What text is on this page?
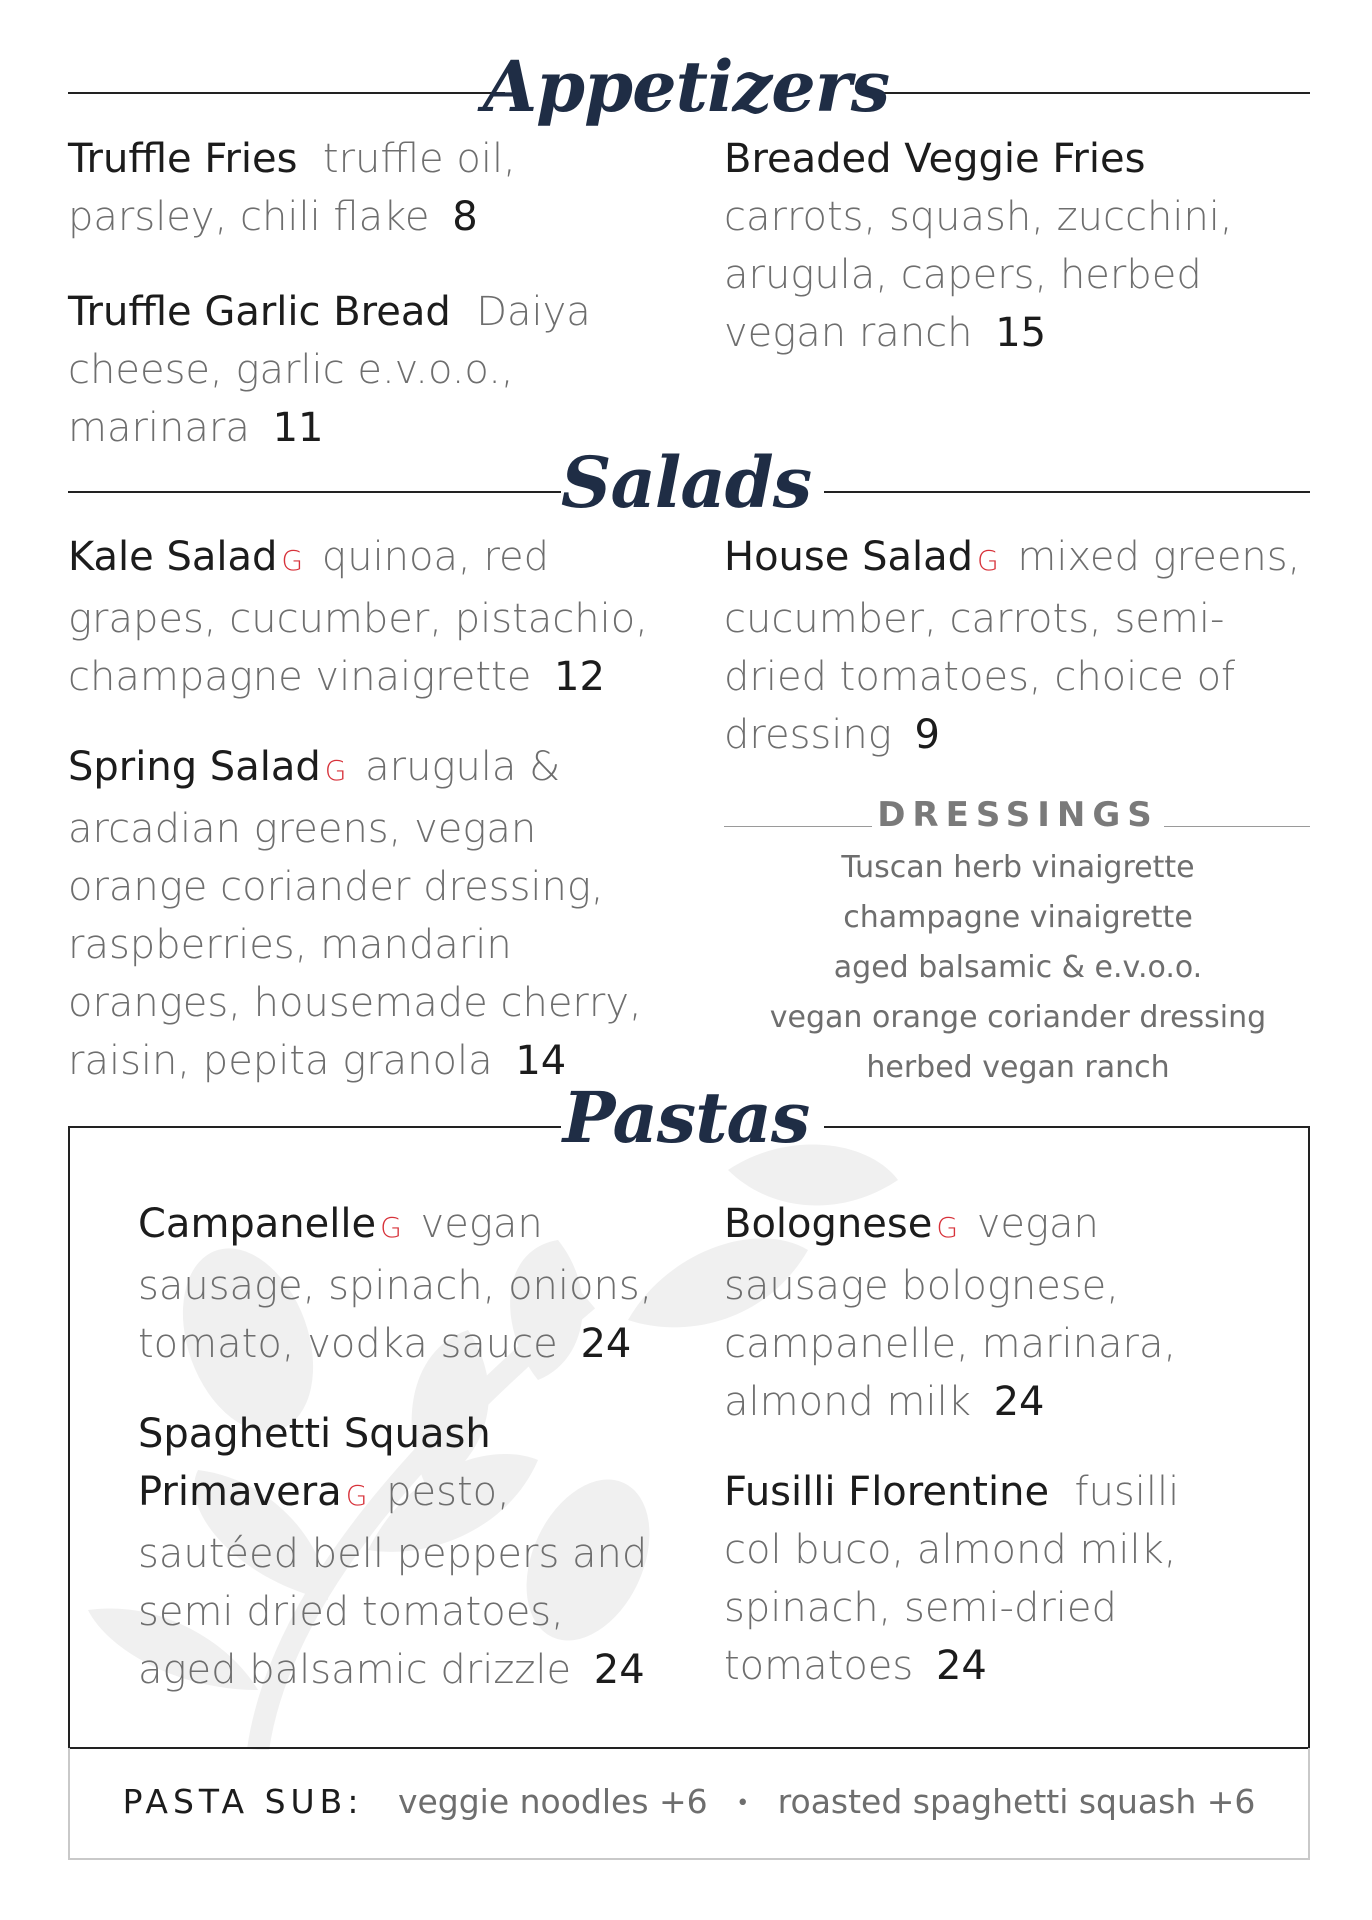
Appetizers
Truffle Fries truffle oil, parsley, chili flake 8
Truffle Garlic Bread Daiya cheese, garlic e.v.o.o., marinara 11
Breaded Veggie Fries carrots, squash, zucchini, arugula, capers, herbed vegan ranch 15
Salads
Kale Salad G quinoa, red grapes, cucumber, pistachio, champagne vinaigrette 12
Spring Salad G arugula & arcadian greens, vegan orange coriander dressing, raspberries, mandarin oranges, housemade cherry, raisin, pepita granola 14
House Salad G mixed greens, cucumber, carrots, semi-dried tomatoes, choice of dressing 9
DRESSINGS
Tuscan herb vinaigrette
champagne vinaigrette
aged balsamic & e.v.o.o.
vegan orange coriander dressing
herbed vegan ranch
Pastas
Campanelle G vegan sausage, spinach, onions, tomato, vodka sauce 24
Spaghetti Squash Primavera G pesto, sautéed bell peppers and semi dried tomatoes, aged balsamic drizzle 24
Bolognese G vegan sausage bolognese, campanelle, marinara, almond milk 24
Fusilli Florentine fusilli col buco, almond milk, spinach, semi-dried tomatoes 24
PASTA SUB: veggie noodles +6 • roasted spaghetti squash +6
